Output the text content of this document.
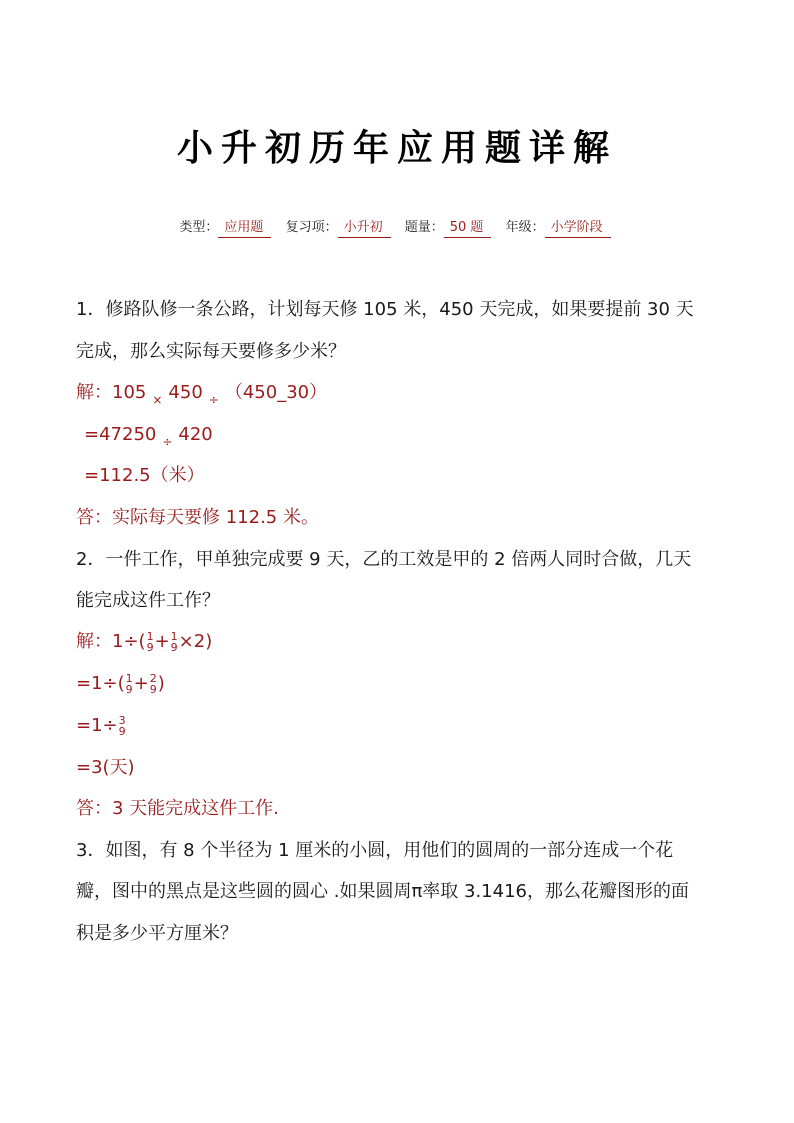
小升初历年应用题详解
类型： 应用题 复习项： 小升初 题量： 50 题 年级： 小学阶段
1．修路队修一条公路，计划每天修 105 米，450 天完成，如果要提前 30 天
完成，那么实际每天要修多少米？
解：105 $_\times$ 450 $_\div$ （450_30）
=47250 $_\div$ 420
=112.5（米）
答：实际每天要修 112.5 米。
2．一件工作，甲单独完成要 9 天，乙的工效是甲的 2 倍两人同时合做，几天
能完成这件工作？
解：1÷( 1
9 + 1
9 ×2)
=1÷( 1
9 + 2
9 )
=1÷ 3
9
=3(天)
答：3 天能完成这件工作.
3．如图，有 8 个半径为 1 厘米的小圆，用他们的圆周的一部分连成一个花
瓣，图中的黑点是这些圆的圆心 .如果圆周π率取 3.1416，那么花瓣图形的面
积是多少平方厘米？
